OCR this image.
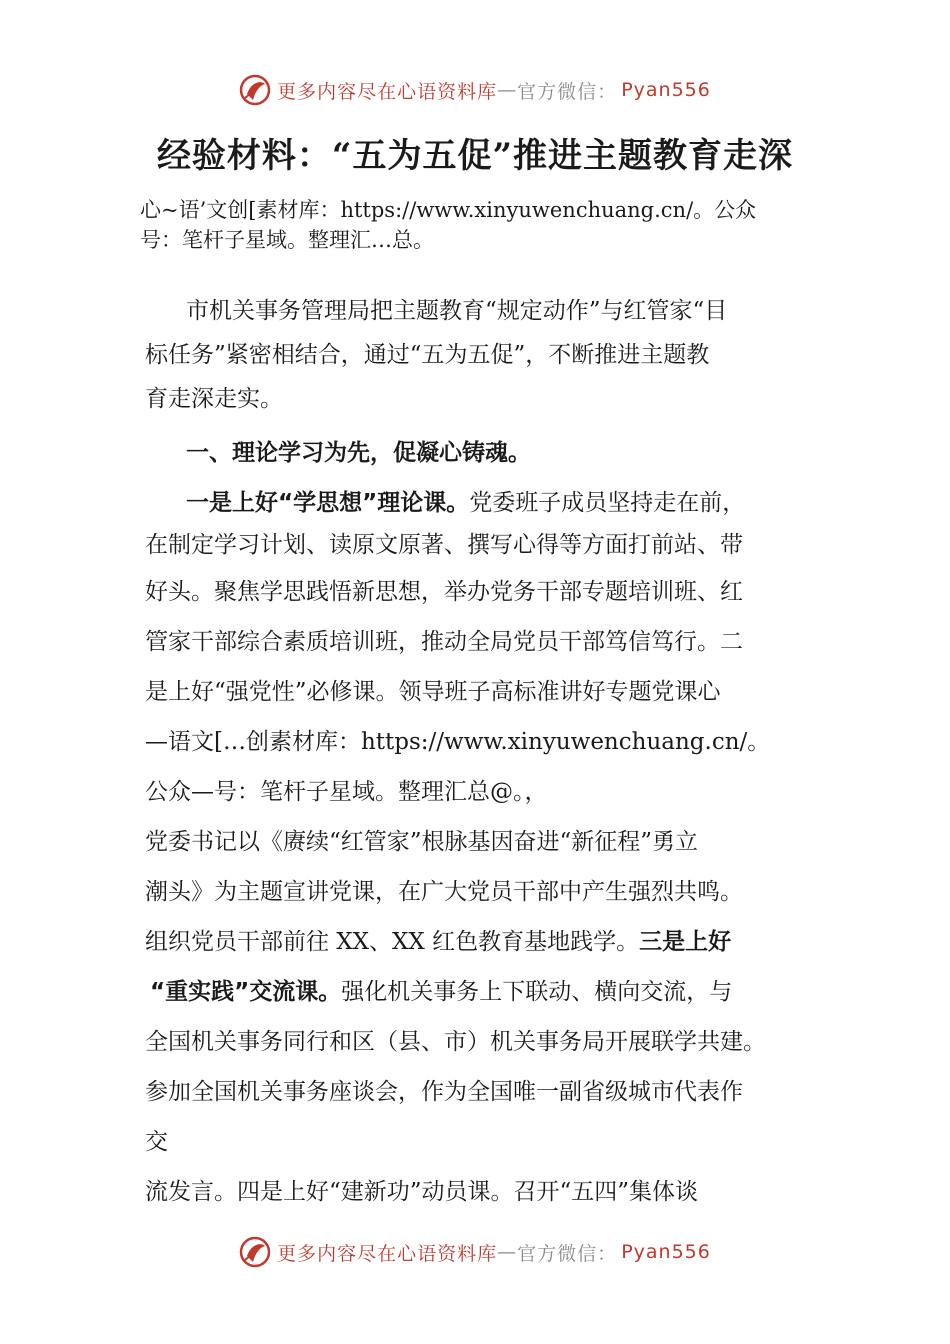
更多内容尽在心语资料库 — 官方微信： Pyan556
经验材料：“五为五促”推进主题教育走深
心~语’文创[素材库：https://www.xinyuwenchuang.cn/。公众
号：笔杆子星域。整理汇…总。
市机关事务管理局把主题教育“规定动作”与红管家“目
标任务”紧密相结合，通过“五为五促”，不断推进主题教
育走深走实。
一、理论学习为先，促凝心铸魂。
一是上好“学思想”理论课。党委班子成员坚持走在前，
在制定学习计划、读原文原著、撰写心得等方面打前站、带
好头。聚焦学思践悟新思想，举办党务干部专题培训班、红
管家干部综合素质培训班，推动全局党员干部笃信笃行。二
是上好“强党性”必修课。领导班子高标准讲好专题党课心
—语文[…创素材库：https://www.xinyuwenchuang.cn/。
公众—号：笔杆子星域。整理汇总@。，
党委书记以《赓续“红管家”根脉基因奋进“新征程”勇立
潮头》为主题宣讲党课，在广大党员干部中产生强烈共鸣。
组织党员干部前往 XX、XX 红色教育基地践学。三是上好
“重实践”交流课。强化机关事务上下联动、横向交流，与
全国机关事务同行和区（县、市）机关事务局开展联学共建。
参加全国机关事务座谈会，作为全国唯一副省级城市代表作
交
流发言。四是上好“建新功”动员课。召开“五四”集体谈
更多内容尽在心语资料库 — 官方微信： Pyan556
